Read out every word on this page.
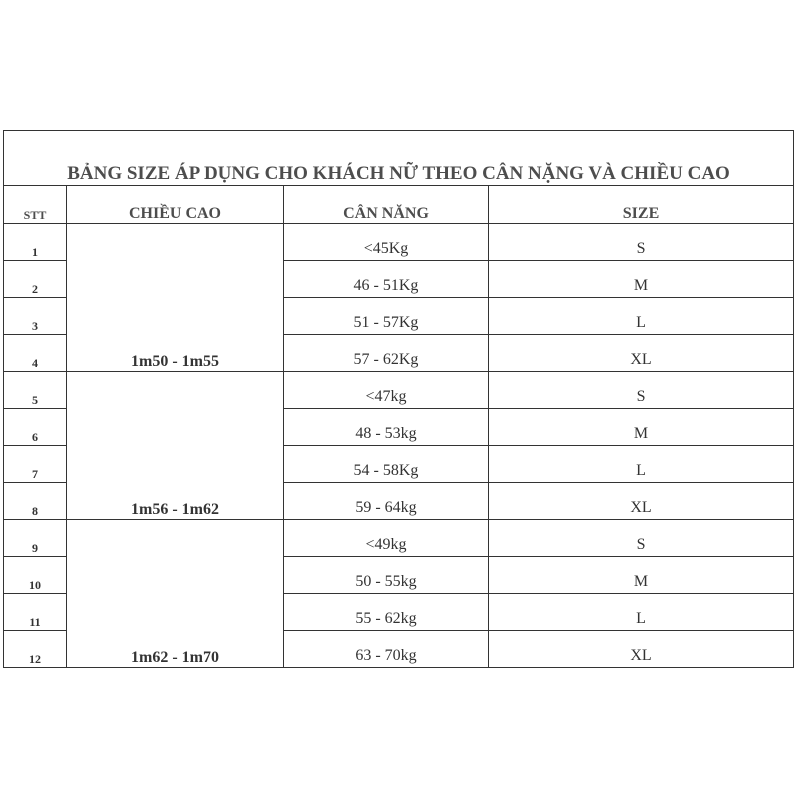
BẢNG SIZE ÁP DỤNG CHO KHÁCH NỮ THEO CÂN NẶNG VÀ CHIỀU CAO			
STT	CHIỀU CAO	CÂN NĂNG	SIZE
1	1m50 - 1m55	<45Kg	S
2		46 - 51Kg	M
3		51 - 57Kg	L
4		57 - 62Kg	XL
5	1m56 - 1m62	<47kg	S
6		48 - 53kg	M
7		54 - 58Kg	L
8		59 - 64kg	XL
9	1m62 - 1m70	<49kg	S
10		50 - 55kg	M
11		55 - 62kg	L
12		63 - 70kg	XL
